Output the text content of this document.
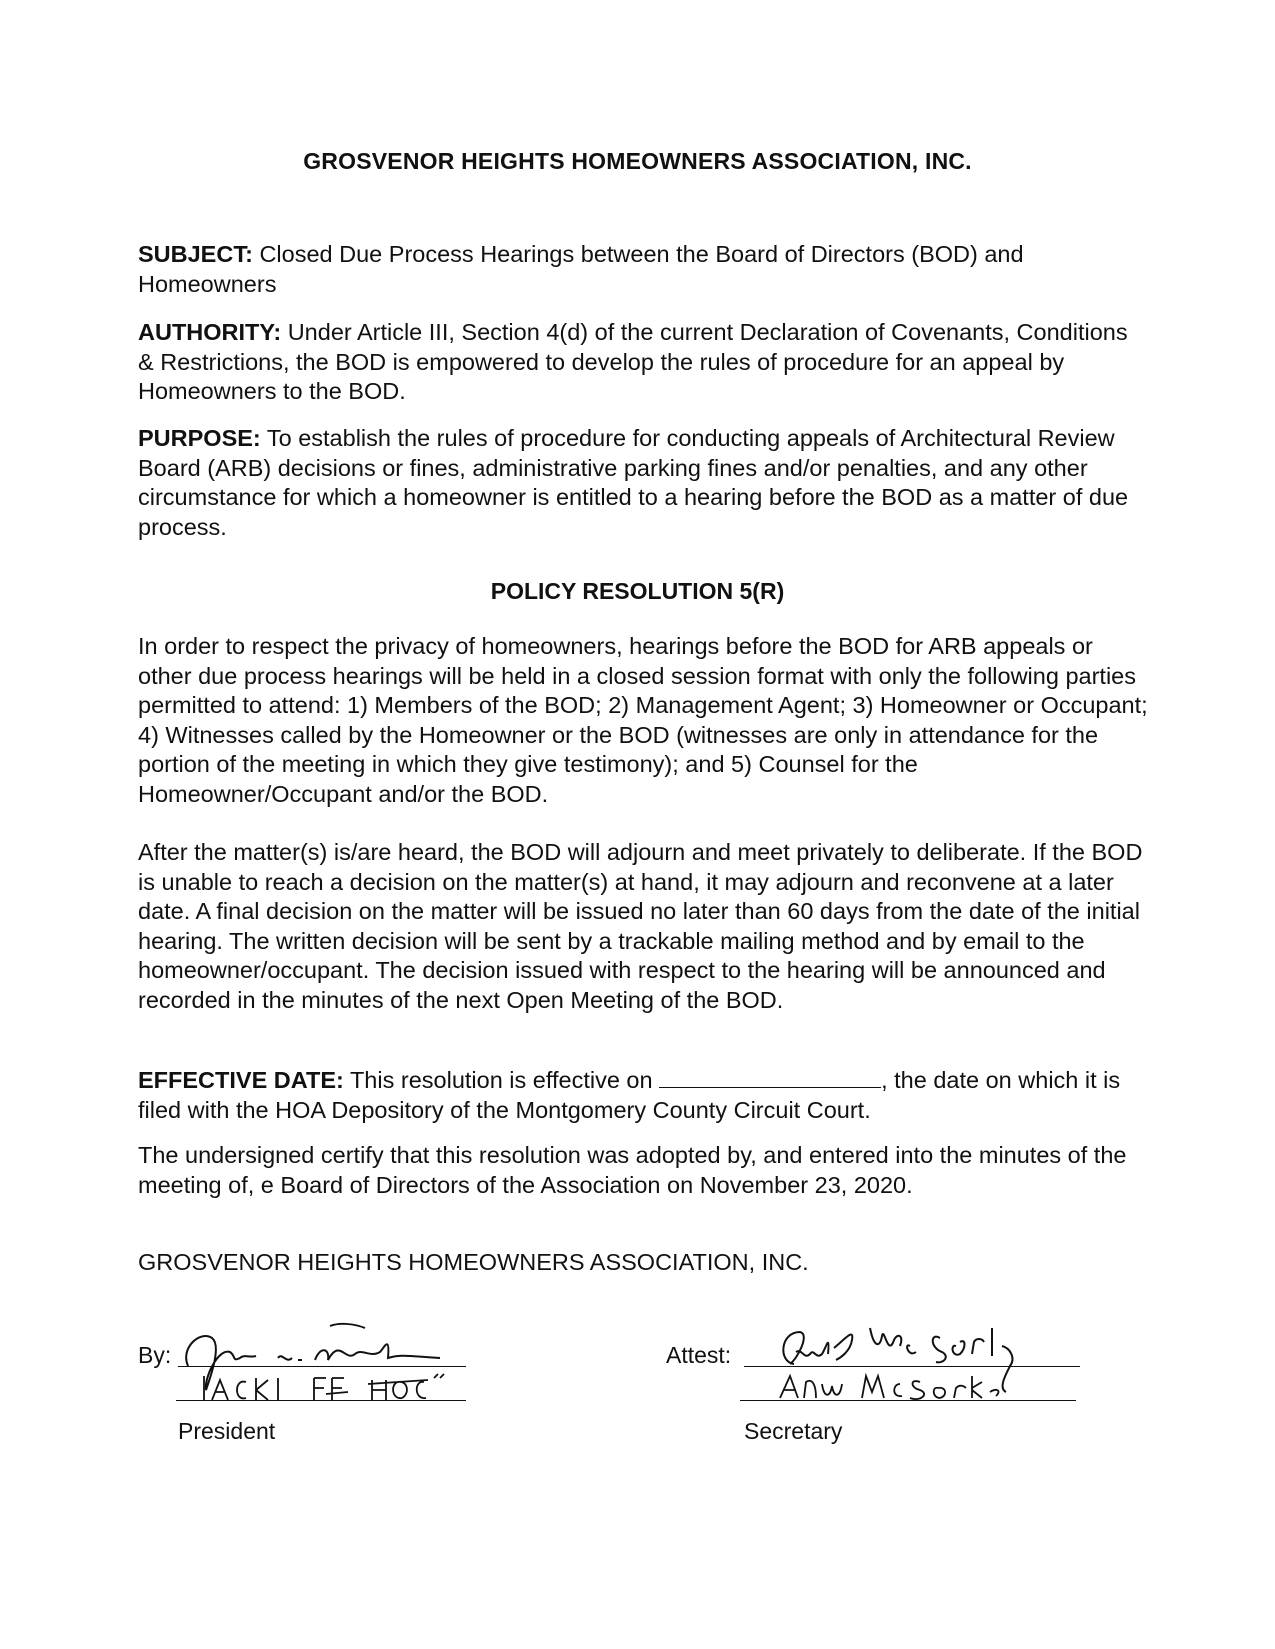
GROSVENOR HEIGHTS HOMEOWNERS ASSOCIATION, INC.

SUBJECT: Closed Due Process Hearings between the Board of Directors (BOD) and Homeowners

AUTHORITY: Under Article III, Section 4(d) of the current Declaration of Covenants, Conditions & Restrictions, the BOD is empowered to develop the rules of procedure for an appeal by Homeowners to the BOD.

PURPOSE: To establish the rules of procedure for conducting appeals of Architectural Review Board (ARB) decisions or fines, administrative parking fines and/or penalties, and any other circumstance for which a homeowner is entitled to a hearing before the BOD as a matter of due process.

POLICY RESOLUTION 5(R)

In order to respect the privacy of homeowners, hearings before the BOD for ARB appeals or other due process hearings will be held in a closed session format with only the following parties permitted to attend: 1) Members of the BOD; 2) Management Agent; 3) Homeowner or Occupant; 4) Witnesses called by the Homeowner or the BOD (witnesses are only in attendance for the portion of the meeting in which they give testimony); and 5) Counsel for the Homeowner/Occupant and/or the BOD.

After the matter(s) is/are heard, the BOD will adjourn and meet privately to deliberate. If the BOD is unable to reach a decision on the matter(s) at hand, it may adjourn and reconvene at a later date. A final decision on the matter will be issued no later than 60 days from the date of the initial hearing. The written decision will be sent by a trackable mailing method and by email to the homeowner/occupant. The decision issued with respect to the hearing will be announced and recorded in the minutes of the next Open Meeting of the BOD.

EFFECTIVE DATE: This resolution is effective on	, the date on which it is filed with the HOA Depository of the Montgomery County Circuit Court.

The undersigned certify that this resolution was adopted by, and entered into the minutes of the meeting of, e Board of Directors of the Association on November 23, 2020.

GROSVENOR HEIGHTS HOMEOWNERS ASSOCIATION, INC.

By:
President
Attest:
Secretary
